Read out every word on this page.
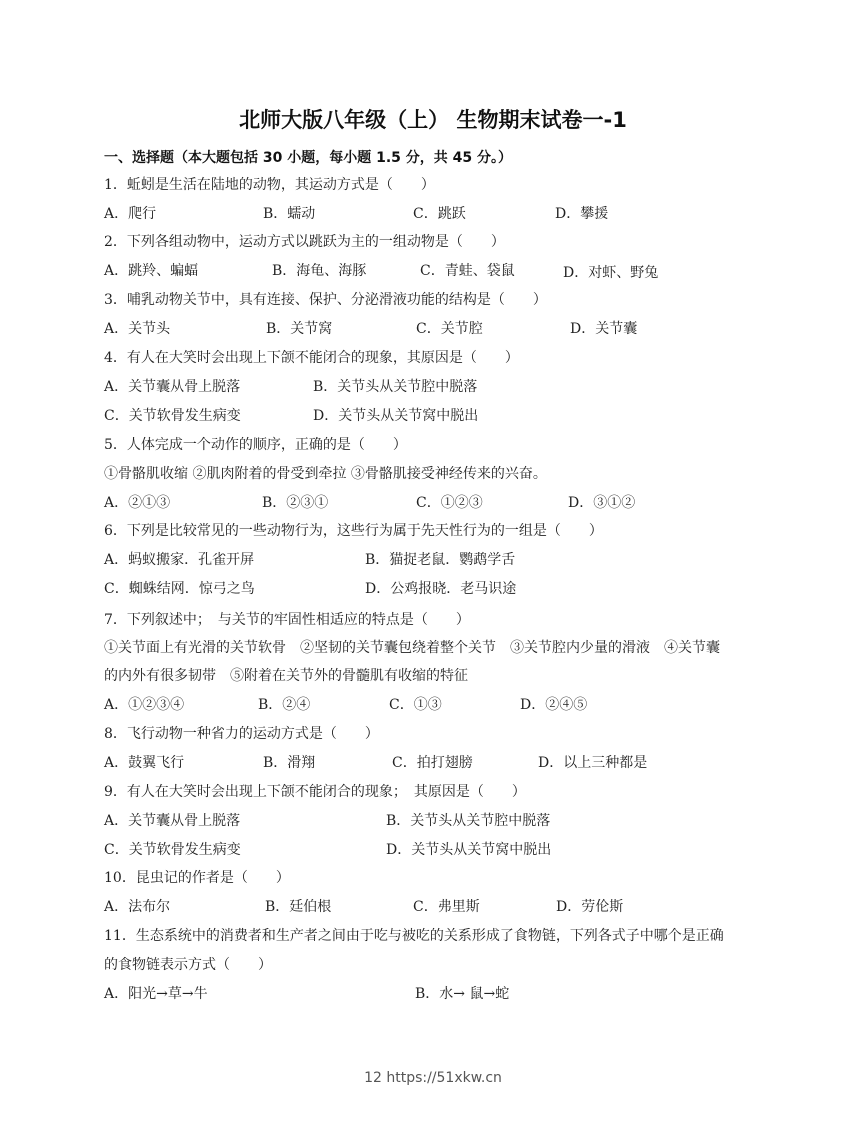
北师大版八年级（上） 生物期末试卷一-1
一、选择题（本大题包括 30 小题，每小题 1.5 分，共 45 分。）
1．蚯蚓是生活在陆地的动物，其运动方式是（　　）
A．爬行	B．蠕动	C．跳跃	D．攀援
2．下列各组动物中，运动方式以跳跃为主的一组动物是（　　）
A．跳羚、蝙蝠	B．海龟、海豚	C．青蛙、袋鼠	D．对虾、野兔
3．哺乳动物关节中，具有连接、保护、分泌滑液功能的结构是（　　）
A．关节头	B．关节窝	C．关节腔	D．关节囊
4．有人在大笑时会出现上下颌不能闭合的现象，其原因是（　　）
A．关节囊从骨上脱落	B．关节头从关节腔中脱落
C．关节软骨发生病变	D．关节头从关节窝中脱出
5．人体完成一个动作的顺序，正确的是（　　）
①骨骼肌收缩 ②肌肉附着的骨受到牵拉 ③骨骼肌接受神经传来的兴奋。
A．②①③	B．②③①	C．①②③	D．③①②
6．下列是比较常见的一些动物行为，这些行为属于先天性行为的一组是（　　）
A．蚂蚁搬家．孔雀开屏	B．猫捉老鼠．鹦鹉学舌
C．蜘蛛结网．惊弓之鸟	D．公鸡报晓．老马识途
7．下列叙述中；　与关节的牢固性相适应的特点是（　　）
①关节面上有光滑的关节软骨　②坚韧的关节囊包绕着整个关节　③关节腔内少量的滑液　④关节囊
的内外有很多韧带　⑤附着在关节外的骨髓肌有收缩的特征
A．①②③④	B．②④	C．①③	D．②④⑤
8．飞行动物一种省力的运动方式是（　　）
A．鼓翼飞行	B．滑翔	C．拍打翅膀	D．以上三种都是
9．有人在大笑时会出现上下颌不能闭合的现象；　其原因是（　　）
A．关节囊从骨上脱落	B．关节头从关节腔中脱落
C．关节软骨发生病变	D．关节头从关节窝中脱出
10．昆虫记的作者是（　　）
A．法布尔	B．廷伯根	C．弗里斯	D．劳伦斯
11．生态系统中的消费者和生产者之间由于吃与被吃的关系形成了食物链，下列各式子中哪个是正确
的食物链表示方式（　　）
A．阳光→草→牛	B．水→ 鼠→蛇
12 https://51xkw.cn
